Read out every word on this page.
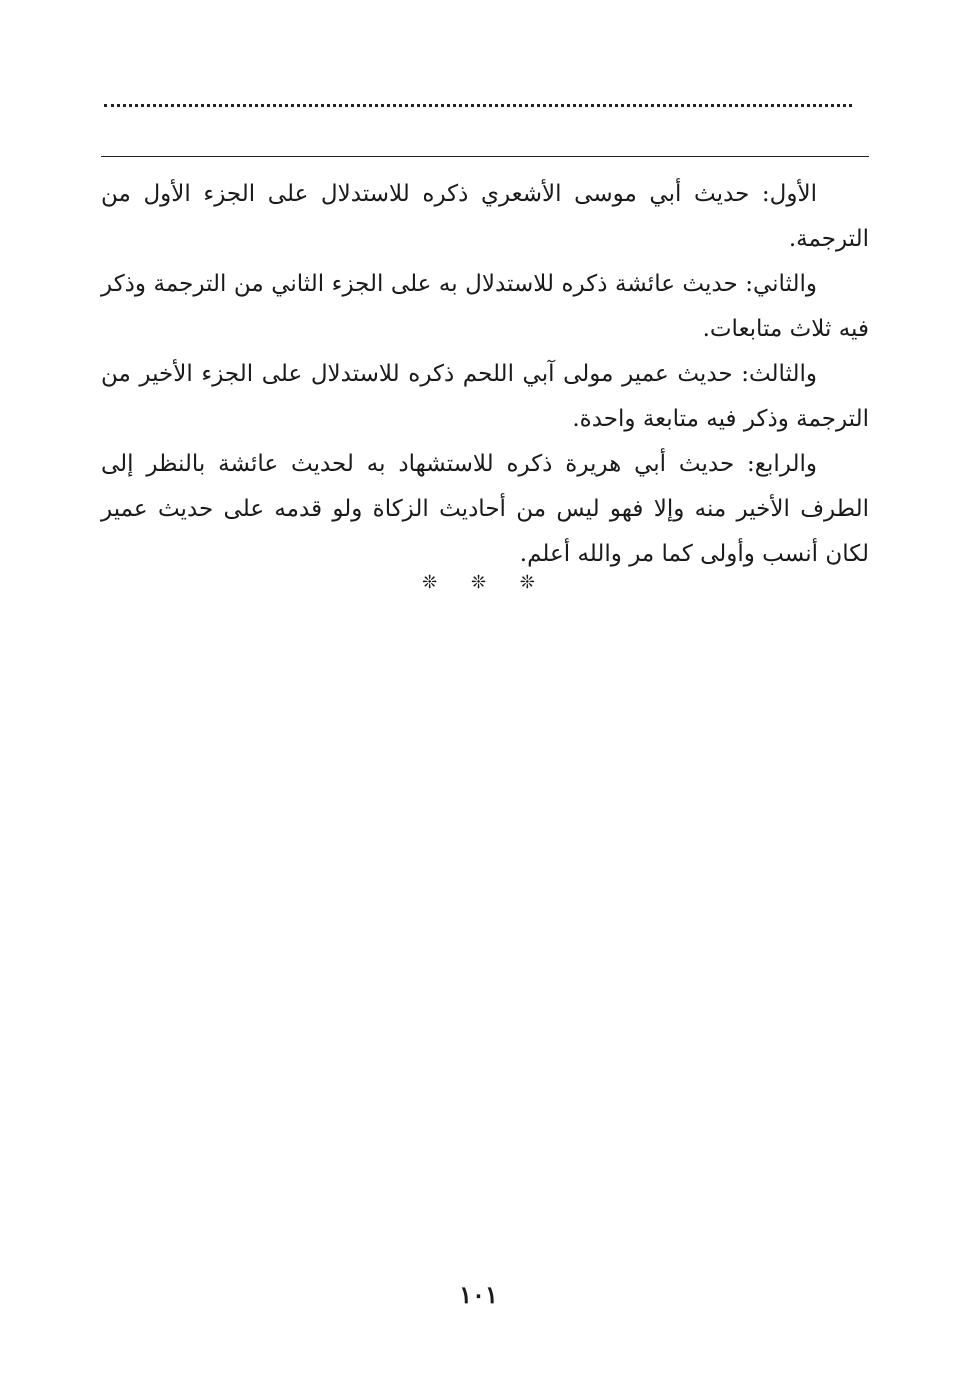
الأول: حديث أبي موسى الأشعري ذكره للاستدلال على الجزء الأول من الترجمة.

والثاني: حديث عائشة ذكره للاستدلال به على الجزء الثاني من الترجمة وذكر فيه ثلاث متابعات.

والثالث: حديث عمير مولى آبي اللحم ذكره للاستدلال على الجزء الأخير من الترجمة وذكر فيه متابعة واحدة.

والرابع: حديث أبي هريرة ذكره للاستشهاد به لحديث عائشة بالنظر إلى الطرف الأخير منه وإلا فهو ليس من أحاديث الزكاة ولو قدمه على حديث عمير لكان أنسب وأولى كما مر والله أعلم.

❊ ❊ ❊
١٠١
